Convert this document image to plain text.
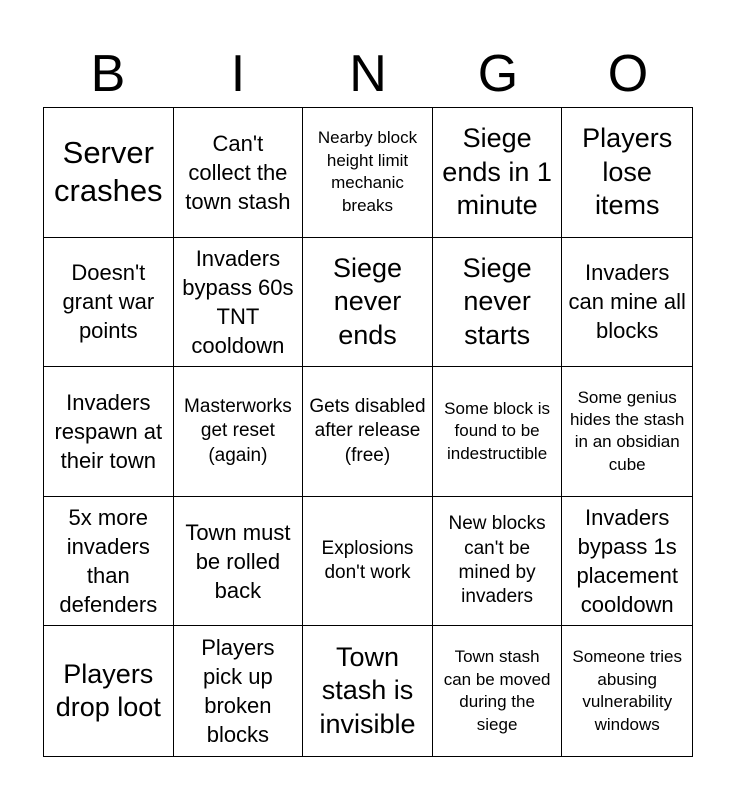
B	I	N	G	O
Server crashes
Can't collect the town stash
Nearby block height limit mechanic breaks
Siege ends in 1 minute
Players lose items
Doesn't grant war points
Invaders bypass 60s TNT cooldown
Siege never ends
Siege never starts
Invaders can mine all blocks
Invaders respawn at their town
Masterworks get reset (again)
Gets disabled after release (free)
Some block is found to be indestructible
Some genius hides the stash in an obsidian cube
5x more invaders than defenders
Town must be rolled back
Explosions don't work
New blocks can't be mined by invaders
Invaders bypass 1s placement cooldown
Players drop loot
Players pick up broken blocks
Town stash is invisible
Town stash can be moved during the siege
Someone tries abusing vulnerability windows
